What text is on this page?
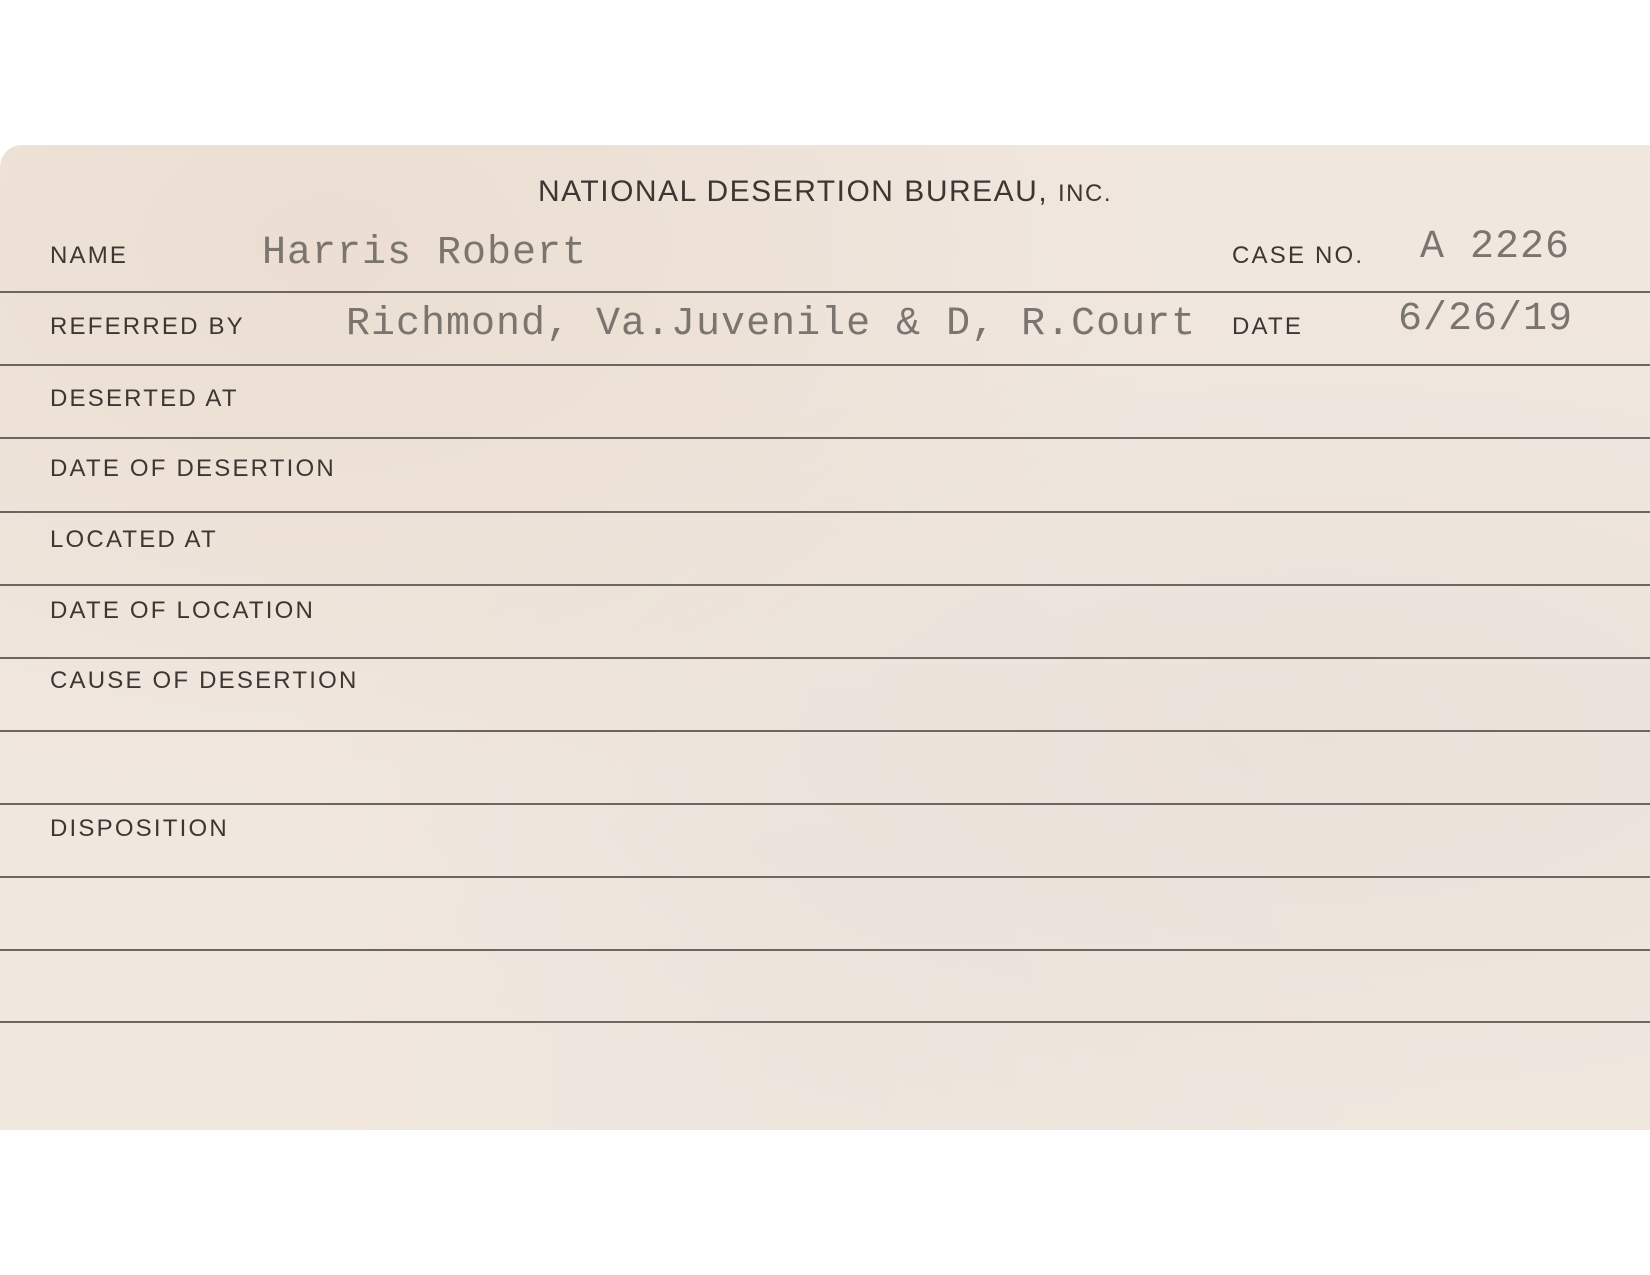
NATIONAL DESERTION BUREAU, INC.
NAME	Harris Robert	CASE NO. A 2226
REFERRED BY	Richmond, Va.Juvenile & D, R.Court DATE 6/26/19
DESERTED AT
DATE OF DESERTION
LOCATED AT
DATE OF LOCATION
CAUSE OF DESERTION
DISPOSITION
